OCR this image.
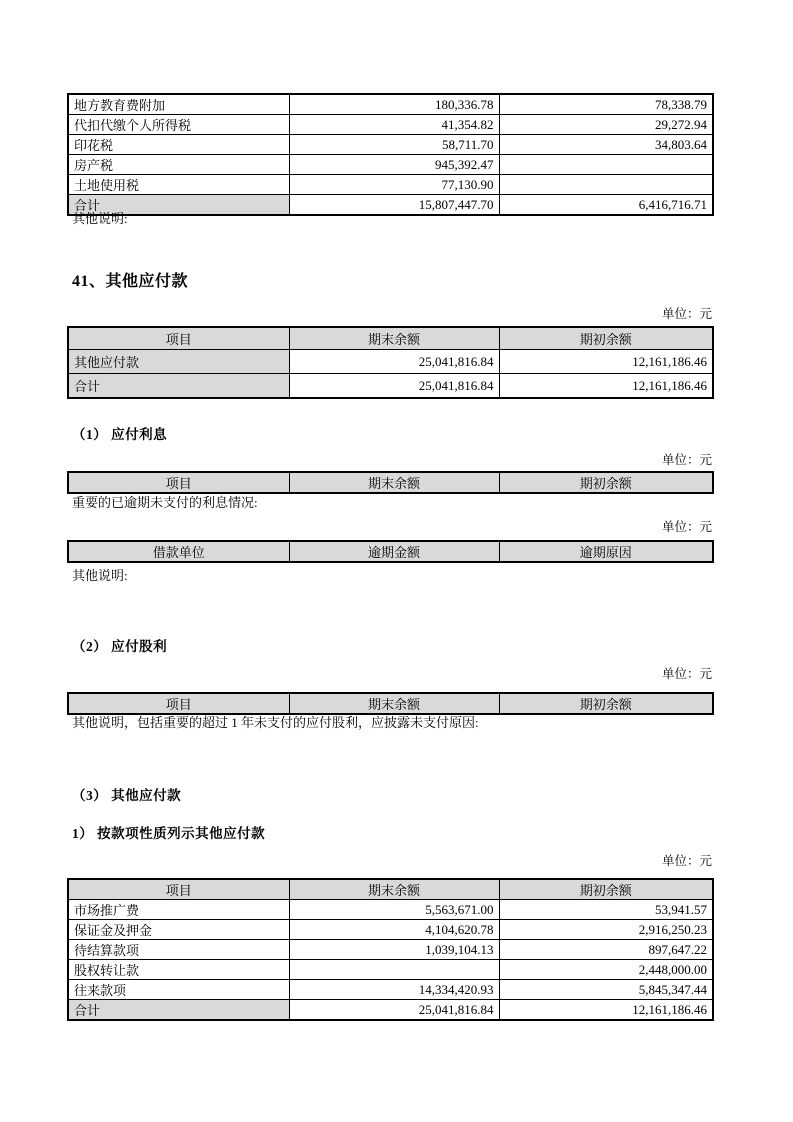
地方教育费附加	180,336.78	78,338.79
代扣代缴个人所得税	41,354.82	29,272.94
印花税	58,711.70	34,803.64
房产税	945,392.47	
土地使用税	77,130.90	
合计	15,807,447.70	6,416,716.71
其他说明:
41、其他应付款
单位：元
项目	期末余额	期初余额
其他应付款	25,041,816.84	12,161,186.46
合计	25,041,816.84	12,161,186.46
（1） 应付利息
单位：元
项目	期末余额	期初余额
重要的已逾期未支付的利息情况:
单位：元
借款单位	逾期金额	逾期原因
其他说明:
（2） 应付股利
单位：元
项目	期末余额	期初余额
其他说明，包括重要的超过 1 年未支付的应付股利，应披露未支付原因:
（3） 其他应付款
1） 按款项性质列示其他应付款
单位：元
项目	期末余额	期初余额
市场推广费	5,563,671.00	53,941.57
保证金及押金	4,104,620.78	2,916,250.23
待结算款项	1,039,104.13	897,647.22
股权转让款		2,448,000.00
往来款项	14,334,420.93	5,845,347.44
合计	25,041,816.84	12,161,186.46
